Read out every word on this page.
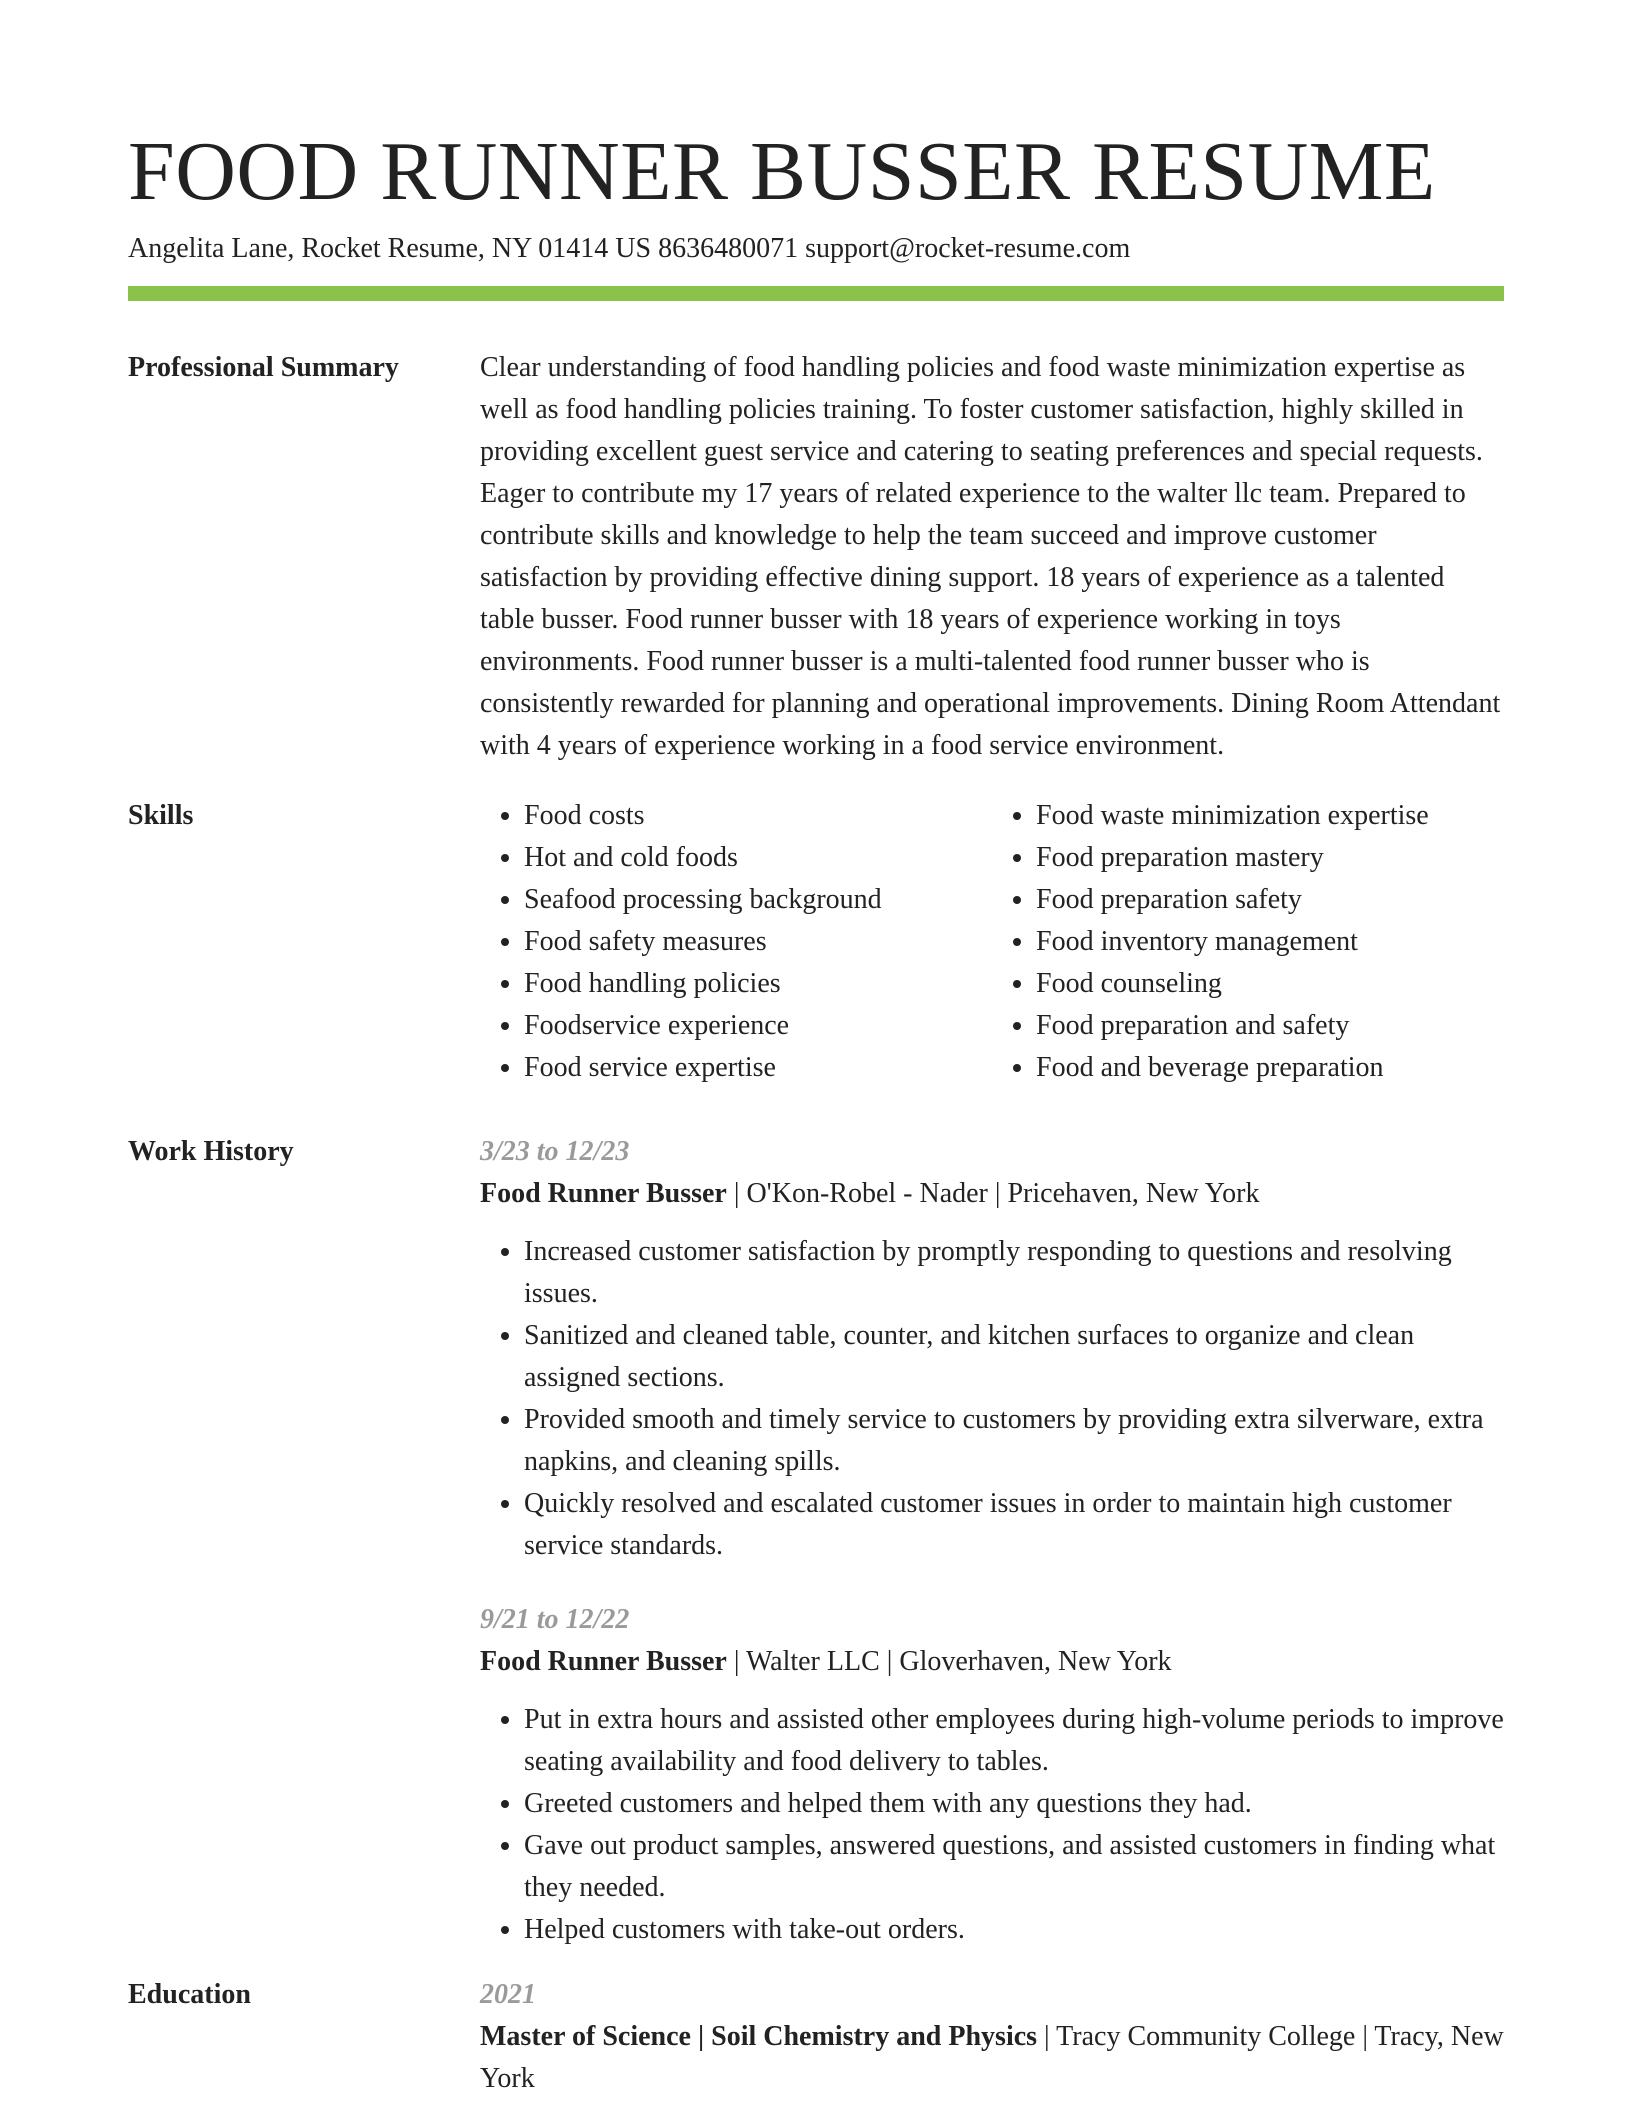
FOOD RUNNER BUSSER RESUME
Angelita Lane, Rocket Resume, NY 01414 US 8636480071 support@rocket-resume.com
Professional Summary	Clear understanding of food handling policies and food waste minimization expertise as well as food handling policies training. To foster customer satisfaction, highly skilled in providing excellent guest service and catering to seating preferences and special requests. Eager to contribute my 17 years of related experience to the walter llc team. Prepared to contribute skills and knowledge to help the team succeed and improve customer satisfaction by providing effective dining support. 18 years of experience as a talented table busser. Food runner busser with 18 years of experience working in toys environments. Food runner busser is a multi-talented food runner busser who is consistently rewarded for planning and operational improvements. Dining Room Attendant with 4 years of experience working in a food service environment.

Skills
•	Food costs
• Hot and cold foods
• Seafood processing background
• Food safety measures
• Food handling policies
• Foodservice experience
• Food service expertise
• Food waste minimization expertise
• Food preparation mastery
• Food preparation safety
• Food inventory management
• Food counseling
• Food preparation and safety
• Food and beverage preparation
Work History	3/23 to 12/23
Food Runner Busser | O'Kon-Robel - Nader | Pricehaven, New York
• Increased customer satisfaction by promptly responding to questions and resolving issues.
• Sanitized and cleaned table, counter, and kitchen surfaces to organize and clean assigned sections.
• Provided smooth and timely service to customers by providing extra silverware, extra napkins, and cleaning spills.
• Quickly resolved and escalated customer issues in order to maintain high customer service standards.
9/21 to 12/22
Food Runner Busser | Walter LLC | Gloverhaven, New York
• Put in extra hours and assisted other employees during high-volume periods to improve seating availability and food delivery to tables.
• Greeted customers and helped them with any questions they had.
• Gave out product samples, answered questions, and assisted customers in finding what they needed.
• Helped customers with take-out orders.
Education	2021
Master of Science | Soil Chemistry and Physics | Tracy Community College | Tracy, New York
